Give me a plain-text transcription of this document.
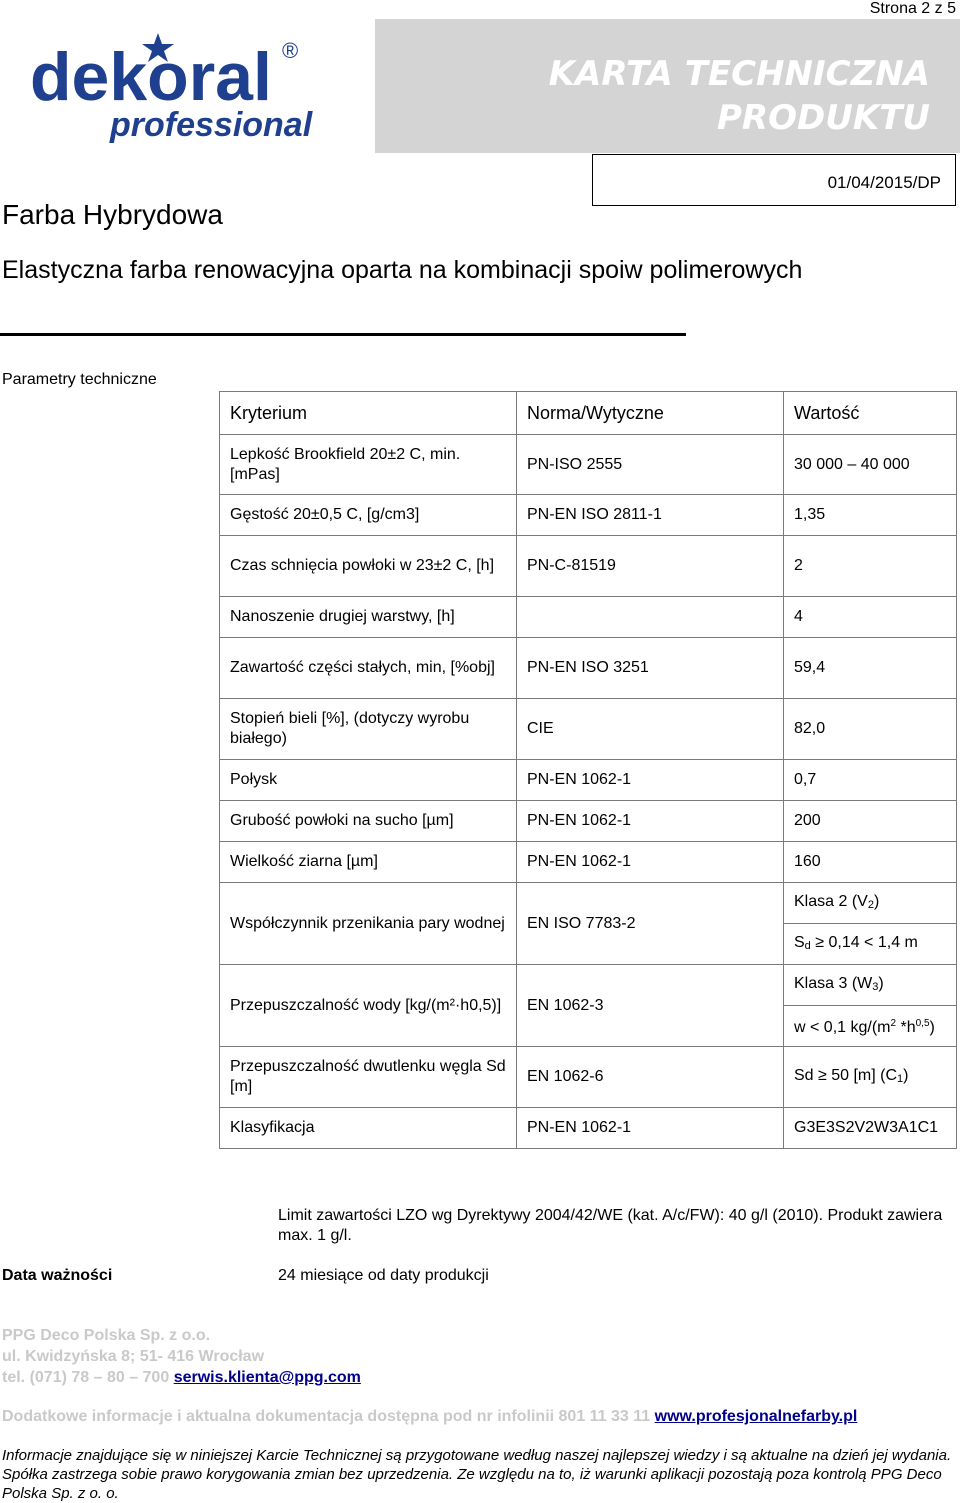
Strona 2 z 5
dekoral ®
professional
KARTA TECHNICZNA
PRODUKTU
01/04/2015/DP
Farba Hybrydowa
Elastyczna farba renowacyjna oparta na kombinacji spoiw polimerowych
Parametry techniczne
Kryterium	Norma/Wytyczne	Wartość
Lepkość Brookfield 20±2 C, min. [mPas]	PN-ISO 2555	30 000 – 40 000
Gęstość 20±0,5 C, [g/cm3]	PN-EN ISO 2811-1	1,35
Czas schnięcia powłoki w 23±2 C, [h]	PN-C-81519	2
Nanoszenie drugiej warstwy, [h]		4
Zawartość części stałych, min, [%obj]	PN-EN ISO 3251	59,4
Stopień bieli [%], (dotyczy wyrobu białego)	CIE	82,0
Połysk	PN-EN 1062-1	0,7
Grubość powłoki na sucho [µm]	PN-EN 1062-1	200
Wielkość ziarna [µm]	PN-EN 1062-1	160
Współczynnik przenikania pary wodnej	EN ISO 7783-2	Klasa 2 (V2)
		Sd ≥ 0,14 < 1,4 m
Przepuszczalność wody [kg/(m²·h0,5)]	EN 1062-3	Klasa 3 (W3)
		w < 0,1 $kg/(m^2$ $*h^{0,5}$)
Przepuszczalność dwutlenku węgla Sd [m]	EN 1062-6	Sd ≥ 50 [m] (C1)
Klasyfikacja	PN-EN 1062-1	G3E3S2V2W3A1C1
Limit zawartości LZO wg Dyrektywy 2004/42/WE (kat. A/c/FW): 40 g/l (2010). Produkt zawiera max. 1 g/l.
Data ważności	24 miesiące od daty produkcji
PPG Deco Polska Sp. z o.o.
ul. Kwidzyńska 8; 51- 416 Wrocław
tel. (071) 78 – 80 – 700 serwis.klienta@ppg.com
Dodatkowe informacje i aktualna dokumentacja dostępna pod nr infolinii 801 11 33 11 www.profesjonalnefarby.pl
Informacje znajdujące się w niniejszej Karcie Technicznej są przygotowane według naszej najlepszej wiedzy i są aktualne na dzień jej wydania. Spółka zastrzega sobie prawo korygowania zmian bez uprzedzenia. Ze względu na to, iż warunki aplikacji pozostają poza kontrolą PPG Deco Polska Sp. z o. o.
